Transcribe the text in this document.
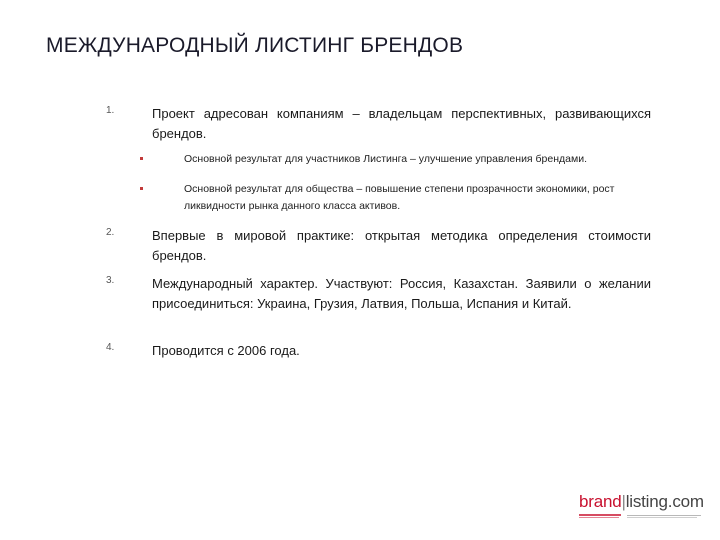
МЕЖДУНАРОДНЫЙ ЛИСТИНГ БРЕНДОВ
1.	Проект адресован компаниям – владельцам перспективных, развивающихся брендов.
Основной результат для участников Листинга – улучшение управления брендами.
Основной результат для общества – повышение степени прозрачности экономики, рост ликвидности рынка данного класса активов.
2.	Впервые в мировой практике: открытая методика определения стоимости брендов.
3.	Международный характер. Участвуют: Россия, Казахстан. Заявили о желании присоединиться: Украина, Грузия, Латвия, Польша, Испания и Китай.
4.	Проводится с 2006 года.
brand|listing.com
